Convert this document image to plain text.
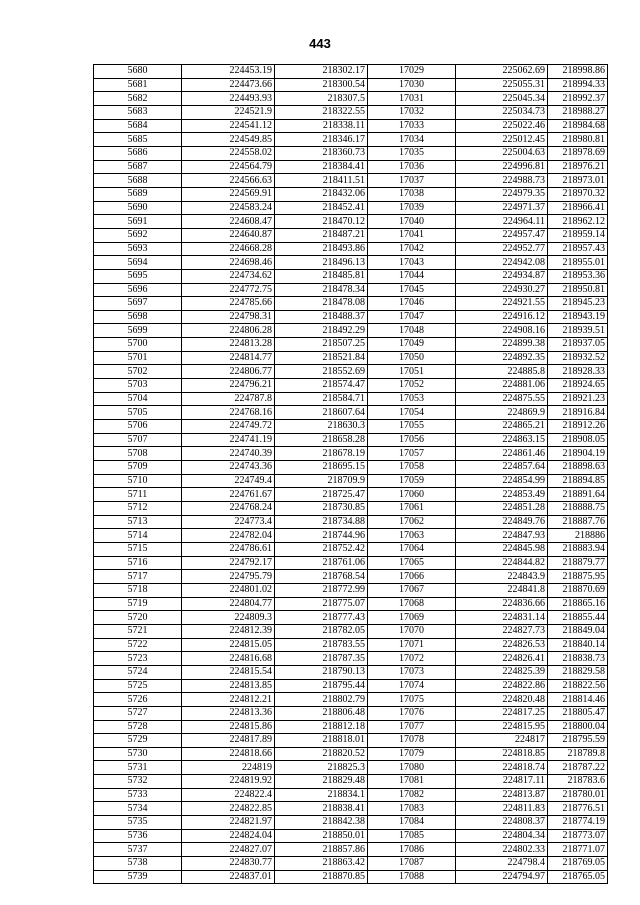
443
5680	224453.19	218302.17	17029	225062.69	218998.86
5681	224473.66	218300.54	17030	225055.31	218994.33
5682	224493.93	218307.5	17031	225045.34	218992.37
5683	224521.9	218322.55	17032	225034.73	218988.27
5684	224541.12	218338.11	17033	225022.46	218984.68
5685	224549.85	218346.17	17034	225012.45	218980.81
5686	224558.02	218360.73	17035	225004.63	218978.69
5687	224564.79	218384.41	17036	224996.81	218976.21
5688	224566.63	218411.51	17037	224988.73	218973.01
5689	224569.91	218432.06	17038	224979.35	218970.32
5690	224583.24	218452.41	17039	224971.37	218966.41
5691	224608.47	218470.12	17040	224964.11	218962.12
5692	224640.87	218487.21	17041	224957.47	218959.14
5693	224668.28	218493.86	17042	224952.77	218957.43
5694	224698.46	218496.13	17043	224942.08	218955.01
5695	224734.62	218485.81	17044	224934.87	218953.36
5696	224772.75	218478.34	17045	224930.27	218950.81
5697	224785.66	218478.08	17046	224921.55	218945.23
5698	224798.31	218488.37	17047	224916.12	218943.19
5699	224806.28	218492.29	17048	224908.16	218939.51
5700	224813.28	218507.25	17049	224899.38	218937.05
5701	224814.77	218521.84	17050	224892.35	218932.52
5702	224806.77	218552.69	17051	224885.8	218928.33
5703	224796.21	218574.47	17052	224881.06	218924.65
5704	224787.8	218584.71	17053	224875.55	218921.23
5705	224768.16	218607.64	17054	224869.9	218916.84
5706	224749.72	218630.3	17055	224865.21	218912.26
5707	224741.19	218658.28	17056	224863.15	218908.05
5708	224740.39	218678.19	17057	224861.46	218904.19
5709	224743.36	218695.15	17058	224857.64	218898.63
5710	224749.4	218709.9	17059	224854.99	218894.85
5711	224761.67	218725.47	17060	224853.49	218891.64
5712	224768.24	218730.85	17061	224851.28	218888.75
5713	224773.4	218734.88	17062	224849.76	218887.76
5714	224782.04	218744.96	17063	224847.93	218886
5715	224786.61	218752.42	17064	224845.98	218883.94
5716	224792.17	218761.06	17065	224844.82	218879.77
5717	224795.79	218768.54	17066	224843.9	218875.95
5718	224801.02	218772.99	17067	224841.8	218870.69
5719	224804.77	218775.07	17068	224836.66	218865.16
5720	224809.3	218777.43	17069	224831.14	218855.44
5721	224812.39	218782.05	17070	224827.73	218849.04
5722	224815.05	218783.55	17071	224826.53	218840.14
5723	224816.68	218787.35	17072	224826.41	218838.73
5724	224815.54	218790.13	17073	224825.39	218829.58
5725	224813.85	218795.44	17074	224822.86	218822.56
5726	224812.21	218802.79	17075	224820.48	218814.46
5727	224813.36	218806.48	17076	224817.25	218805.47
5728	224815.86	218812.18	17077	224815.95	218800.04
5729	224817.89	218818.01	17078	224817	218795.59
5730	224818.66	218820.52	17079	224818.85	218789.8
5731	224819	218825.3	17080	224818.74	218787.22
5732	224819.92	218829.48	17081	224817.11	218783.6
5733	224822.4	218834.1	17082	224813.87	218780.01
5734	224822.85	218838.41	17083	224811.83	218776.51
5735	224821.97	218842.38	17084	224808.37	218774.19
5736	224824.04	218850.01	17085	224804.34	218773.07
5737	224827.07	218857.86	17086	224802.33	218771.07
5738	224830.77	218863.42	17087	224798.4	218769.05
5739	224837.01	218870.85	17088	224794.97	218765.05
